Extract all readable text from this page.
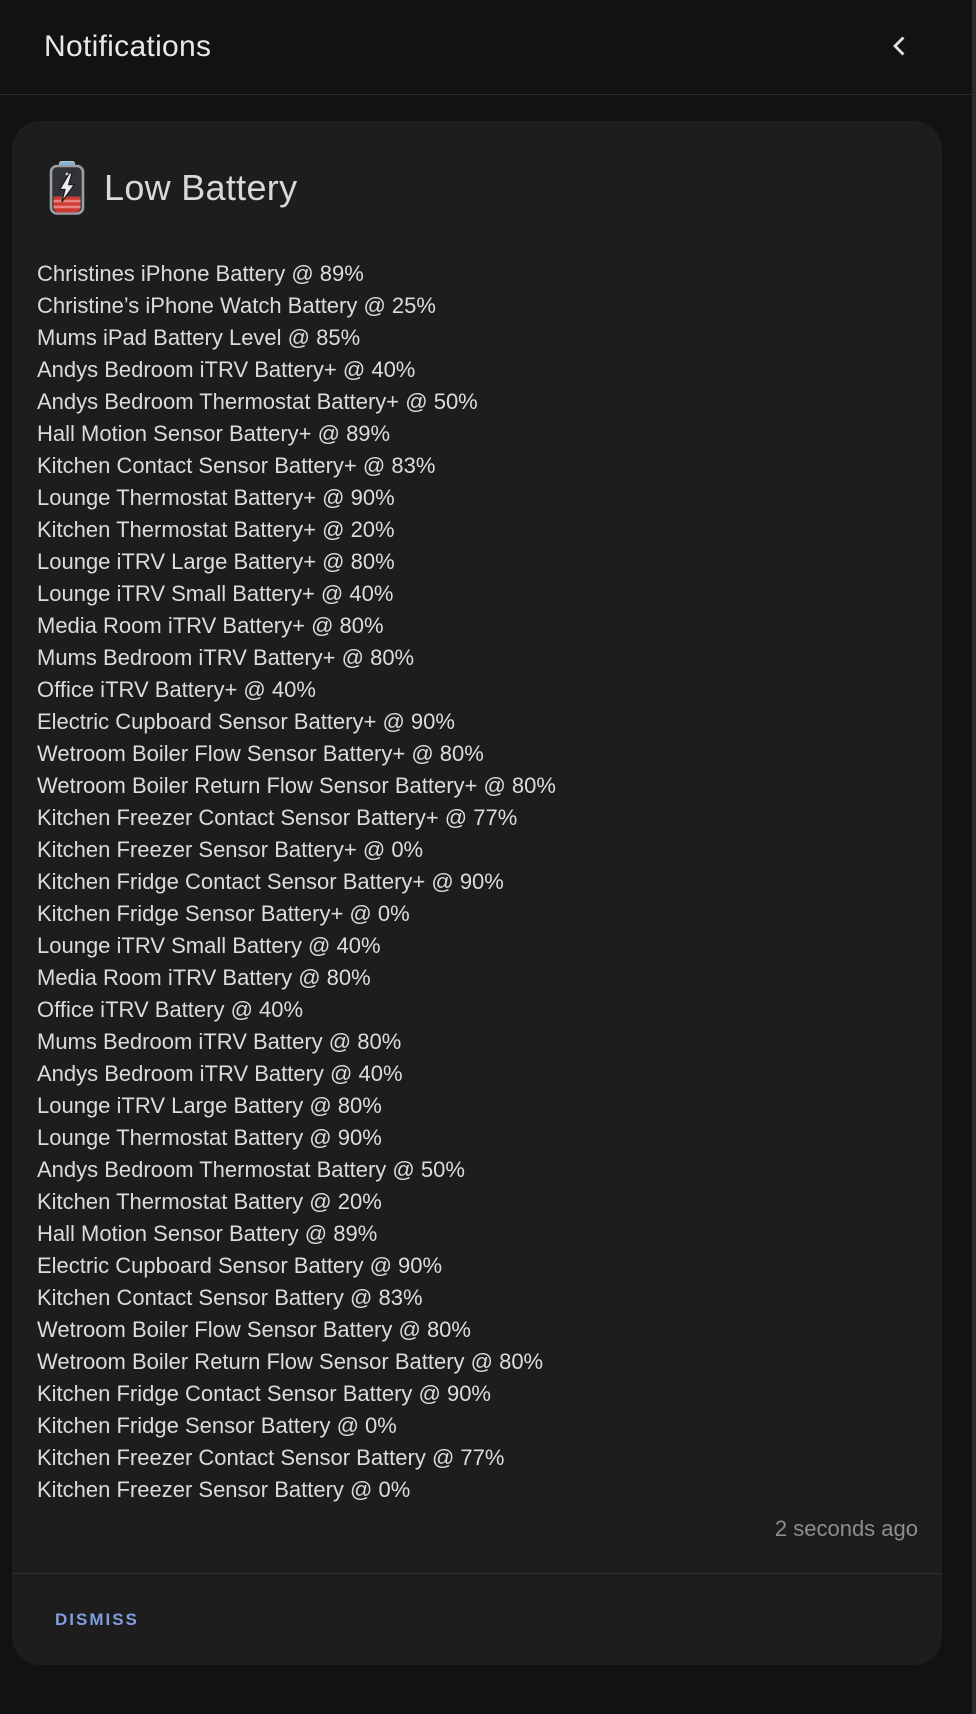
Notifications
Low Battery
Christines iPhone Battery @ 89%
Christine’s iPhone Watch Battery @ 25%
Mums iPad Battery Level @ 85%
Andys Bedroom iTRV Battery+ @ 40%
Andys Bedroom Thermostat Battery+ @ 50%
Hall Motion Sensor Battery+ @ 89%
Kitchen Contact Sensor Battery+ @ 83%
Lounge Thermostat Battery+ @ 90%
Kitchen Thermostat Battery+ @ 20%
Lounge iTRV Large Battery+ @ 80%
Lounge iTRV Small Battery+ @ 40%
Media Room iTRV Battery+ @ 80%
Mums Bedroom iTRV Battery+ @ 80%
Office iTRV Battery+ @ 40%
Electric Cupboard Sensor Battery+ @ 90%
Wetroom Boiler Flow Sensor Battery+ @ 80%
Wetroom Boiler Return Flow Sensor Battery+ @ 80%
Kitchen Freezer Contact Sensor Battery+ @ 77%
Kitchen Freezer Sensor Battery+ @ 0%
Kitchen Fridge Contact Sensor Battery+ @ 90%
Kitchen Fridge Sensor Battery+ @ 0%
Lounge iTRV Small Battery @ 40%
Media Room iTRV Battery @ 80%
Office iTRV Battery @ 40%
Mums Bedroom iTRV Battery @ 80%
Andys Bedroom iTRV Battery @ 40%
Lounge iTRV Large Battery @ 80%
Lounge Thermostat Battery @ 90%
Andys Bedroom Thermostat Battery @ 50%
Kitchen Thermostat Battery @ 20%
Hall Motion Sensor Battery @ 89%
Electric Cupboard Sensor Battery @ 90%
Kitchen Contact Sensor Battery @ 83%
Wetroom Boiler Flow Sensor Battery @ 80%
Wetroom Boiler Return Flow Sensor Battery @ 80%
Kitchen Fridge Contact Sensor Battery @ 90%
Kitchen Fridge Sensor Battery @ 0%
Kitchen Freezer Contact Sensor Battery @ 77%
Kitchen Freezer Sensor Battery @ 0%
2 seconds ago
DISMISS
